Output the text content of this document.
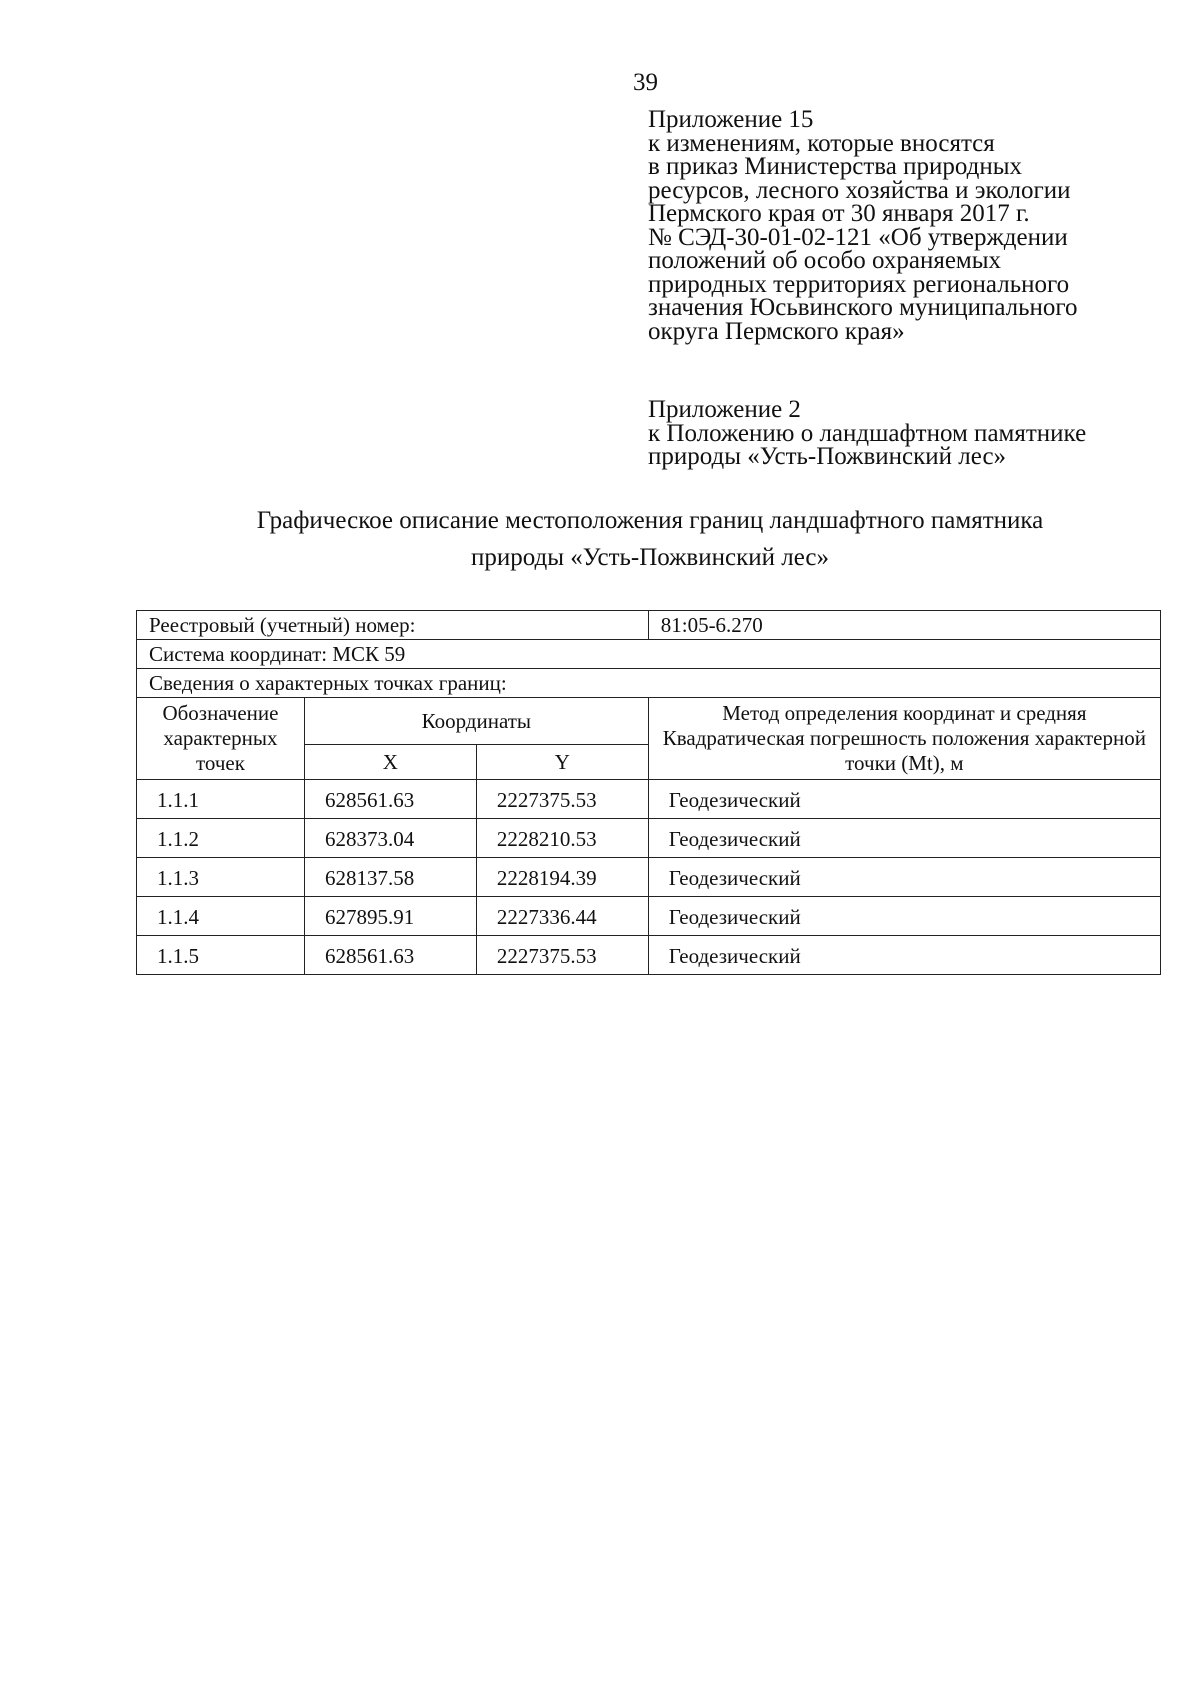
39
Приложение 15
к изменениям, которые вносятся
в приказ Министерства природных
ресурсов, лесного хозяйства и экологии
Пермского края от 30 января 2017 г.
№ СЭД-30-01-02-121 «Об утверждении
положений об особо охраняемых
природных территориях регионального
значения Юсьвинского муниципального
округа Пермского края»
Приложение 2
к Положению о ландшафтном памятнике
природы «Усть-Пожвинский лес»
Графическое описание местоположения границ ландшафтного памятника
природы «Усть-Пожвинский лес»
Реестровый (учетный) номер:			81:05-6.270
Система координат: МСК 59			
Сведения о характерных точках границ:			
Обозначение характерных точек	Координаты		Метод определения координат и средняя Квадратическая погрешность положения характерной точки (Mt), м
	X	Y	
1.1.1	628561.63	2227375.53	Геодезический
1.1.2	628373.04	2228210.53	Геодезический
1.1.3	628137.58	2228194.39	Геодезический
1.1.4	627895.91	2227336.44	Геодезический
1.1.5	628561.63	2227375.53	Геодезический
